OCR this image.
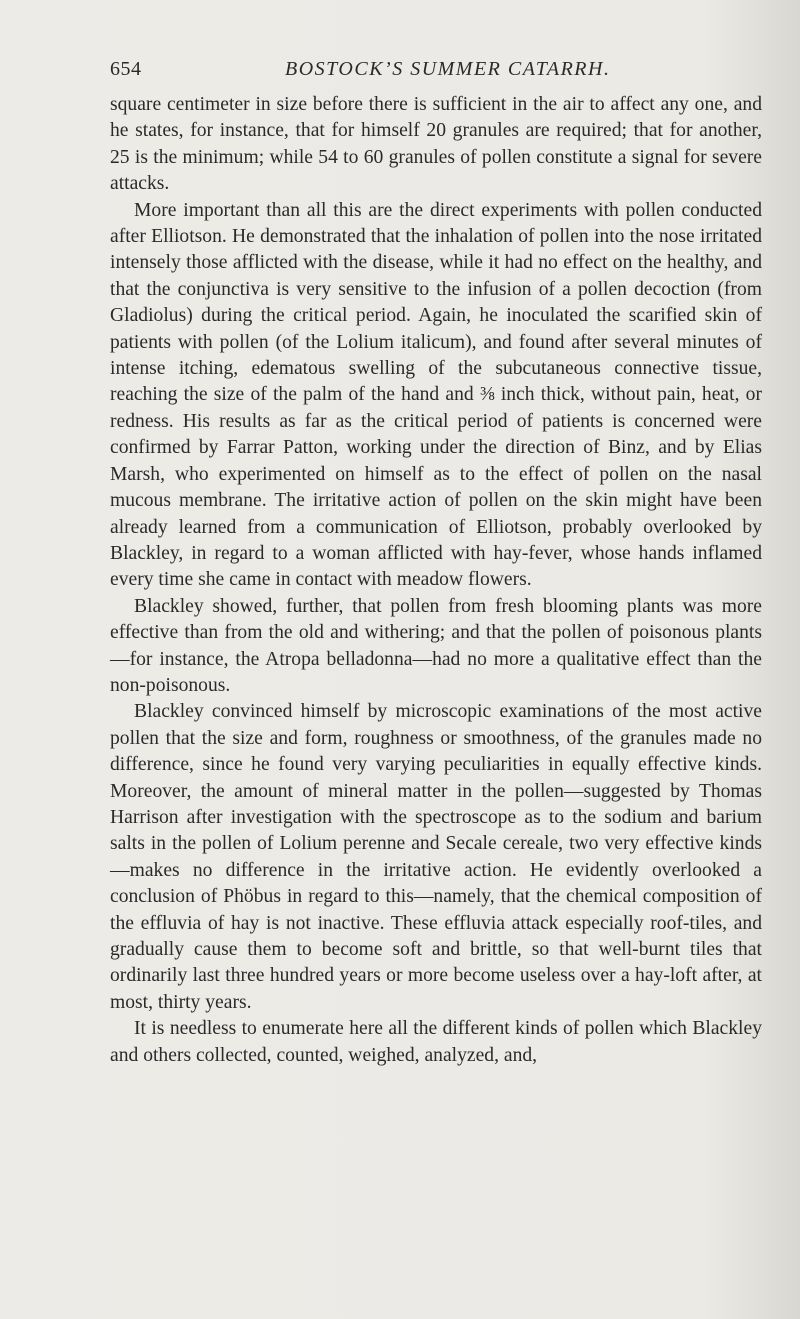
654	BOSTOCK’S SUMMER CATARRH.

square centimeter in size before there is sufficient in the air to affect any one, and he states, for instance, that for himself 20 granules are required; that for another, 25 is the minimum; while 54 to 60 granules of pollen constitute a signal for severe attacks.

More important than all this are the direct experiments with pollen conducted after Elliotson. He demonstrated that the inhalation of pollen into the nose irritated intensely those afflicted with the disease, while it had no effect on the healthy, and that the conjunctiva is very sensitive to the infusion of a pollen decoction (from Gladiolus) during the critical period. Again, he inoculated the scarified skin of patients with pollen (of the Lolium italicum), and found after several minutes of intense itching, edematous swelling of the subcutaneous connective tissue, reaching the size of the palm of the hand and ⅜ inch thick, without pain, heat, or redness. His results as far as the critical period of patients is concerned were confirmed by Farrar Patton, working under the direction of Binz, and by Elias Marsh, who experimented on himself as to the effect of pollen on the nasal mucous membrane. The irritative action of pollen on the skin might have been already learned from a communication of Elliotson, probably overlooked by Blackley, in regard to a woman afflicted with hay-fever, whose hands inflamed every time she came in contact with meadow flowers.

Blackley showed, further, that pollen from fresh blooming plants was more effective than from the old and withering; and that the pollen of poisonous plants—for instance, the Atropa belladonna—had no more a qualitative effect than the non-poisonous.

Blackley convinced himself by microscopic examinations of the most active pollen that the size and form, roughness or smoothness, of the granules made no difference, since he found very varying peculiarities in equally effective kinds. Moreover, the amount of mineral matter in the pollen—suggested by Thomas Harrison after investigation with the spectroscope as to the sodium and barium salts in the pollen of Lolium perenne and Secale cereale, two very effective kinds—makes no difference in the irritative action. He evidently overlooked a conclusion of Phöbus in regard to this—namely, that the chemical composition of the effluvia of hay is not inactive. These effluvia attack especially roof-tiles, and gradually cause them to become soft and brittle, so that well-burnt tiles that ordinarily last three hundred years or more become useless over a hay-loft after, at most, thirty years.

It is needless to enumerate here all the different kinds of pollen which Blackley and others collected, counted, weighed, analyzed, and,
